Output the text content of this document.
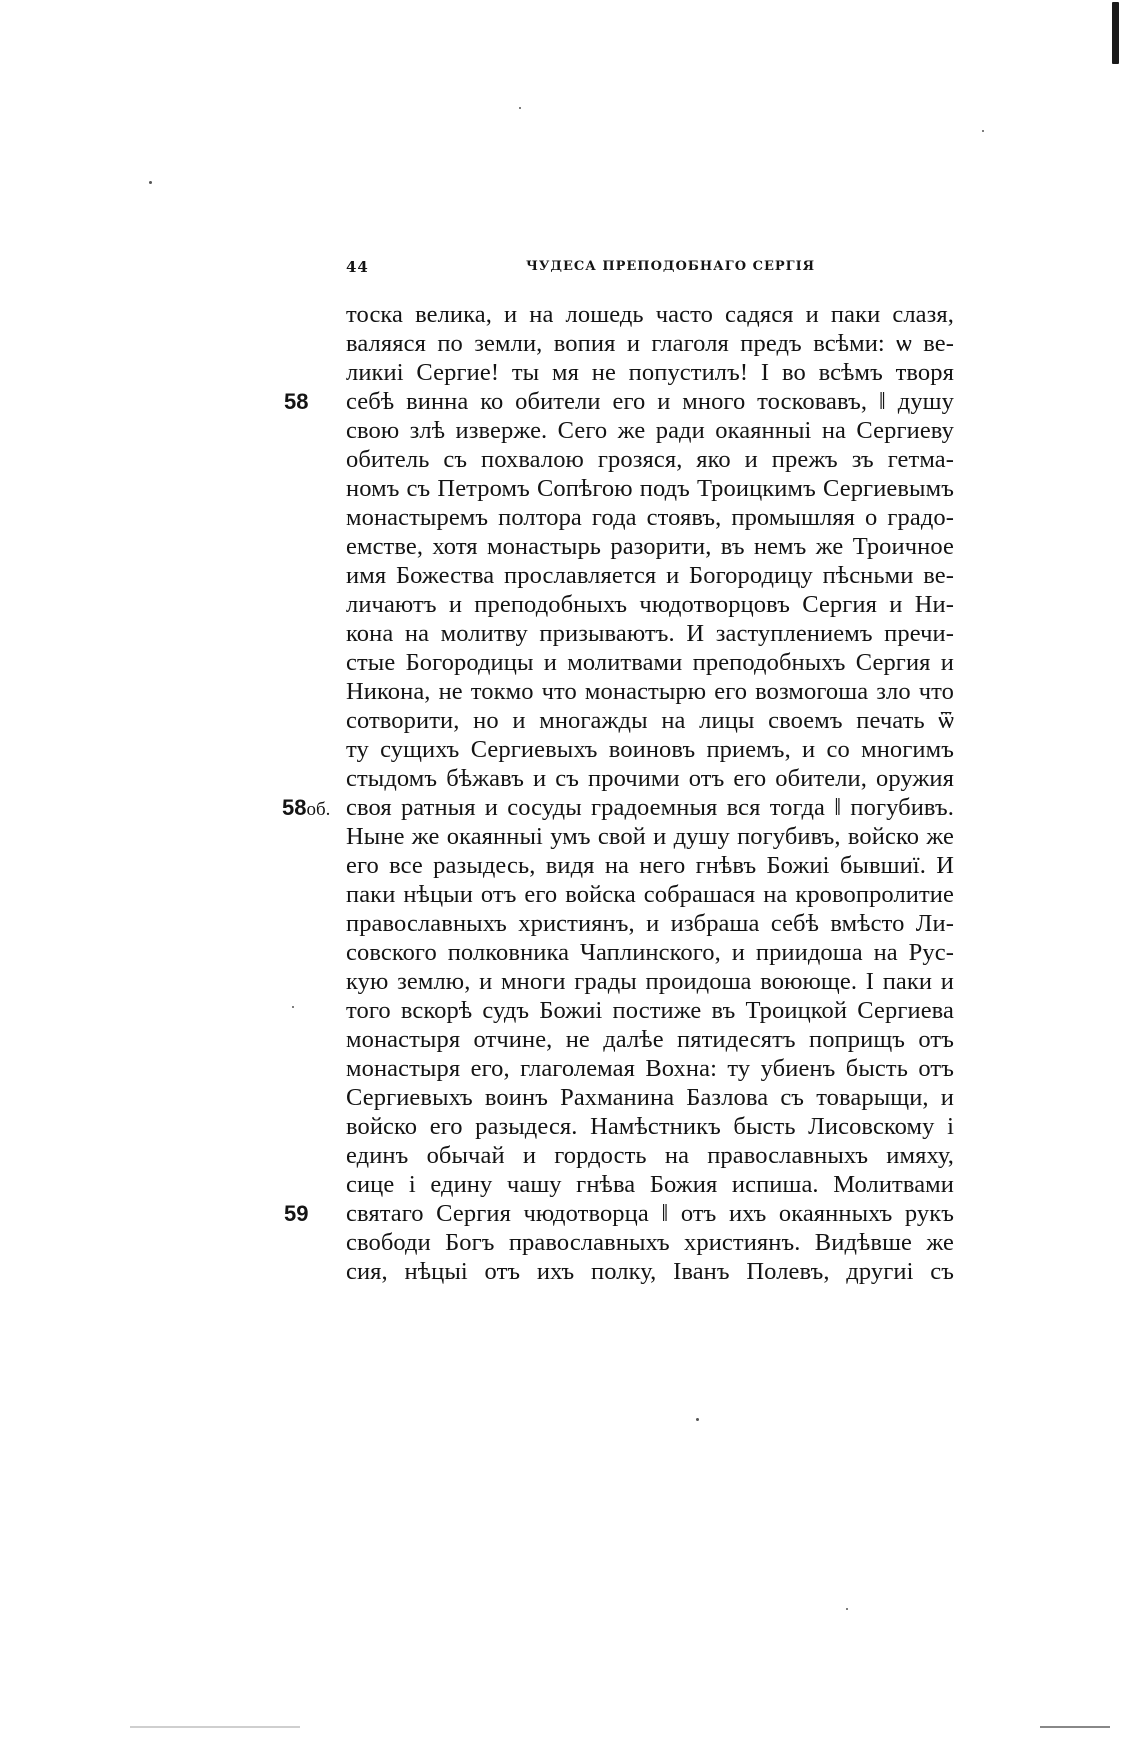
44	ЧУДЕСА ПРЕПОДОБНАГО СЕРГIЯ
тоска велика, и на лошедь часто садяся и паки слазя,
валяяся по земли, вопия и глаголя предъ всѣми: ѡ ве-
ликиі Сергие! ты мя не попустилъ! І во всѣмъ творя
себѣ винна ко обители его и много тосковавъ, ‖ душу
свою злѣ изверже. Сего же ради окаянныі на Сергиеву
обитель съ похвалою грозяся, яко и прежъ зъ гетма-
номъ съ Петромъ Сопѣгою подъ Троицкимъ Сергиевымъ
монастыремъ полтора года стоявъ, промышляя о градо-
емстве, хотя монастырь разорити, въ немъ же Троичное
имя Божества прославляется и Богородицу пѣсньми ве-
личаютъ и преподобныхъ чюдотворцовъ Сергия и Ни-
кона на молитву призываютъ. И заступлениемъ пречи-
стые Богородицы и молитвами преподобныхъ Сергия и
Никона, не токмо что монастырю его возмогоша зло что
сотворити, но и многажды на лицы своемъ печать ѿ
ту сущихъ Сергиевыхъ воиновъ приемъ, и со многимъ
стыдомъ бѣжавъ и съ прочими отъ его обители, оружия
своя ратныя и сосуды градоемныя вся тогда ‖ погубивъ.
Ныне же окаянныі умъ свой и душу погубивъ, войско же
его все разыдесь, видя на него гнѣвъ Божиі бывшиї. И
паки нѣцыи отъ его войска собрашася на кровопролитие
православныхъ християнъ, и избраша себѣ вмѣсто Ли-
совского полковника Чаплинского, и приидоша на Рус-
кую землю, и многи грады проидоша воююще. І паки и
того вскорѣ судъ Божиі постиже въ Троицкой Сергиева
монастыря отчине, не далѣе пятидесятъ поприщъ отъ
монастыря его, глаголемая Вохна: ту убиенъ бысть отъ
Сергиевыхъ воинъ Рахманина Базлова съ товарыщи, и
войско его разыдеся. Намѣстникъ бысть Лисовскому і
единъ обычай и гордость на православныхъ имяху,
сице і едину чашу гнѣва Божия испиша. Молитвами
святаго Сергия чюдотворца ‖ отъ ихъ окаянныхъ рукъ
свободи Богъ православныхъ християнъ. Видѣвше же
сия, нѣцыі отъ ихъ полку, Іванъ Полевъ, другиі съ
58
58об.
59
